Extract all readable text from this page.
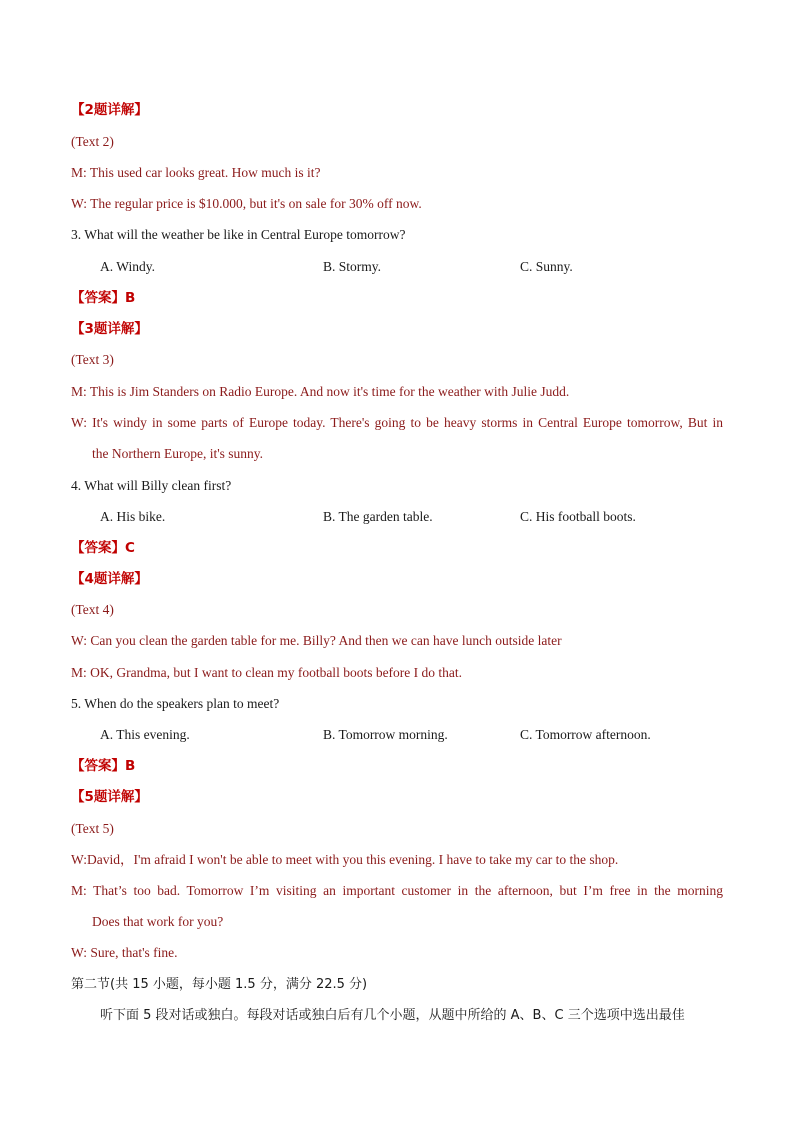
【2题详解】
(Text 2)
M: This used car looks great. How much is it?
W: The regular price is $10.000, but it's on sale for 30% off now.
3. What will the weather be like in Central Europe tomorrow?
A. Windy.	B. Stormy.	C. Sunny.
【答案】B
【3题详解】
(Text 3)
M: This is Jim Standers on Radio Europe. And now it's time for the weather with Julie Judd.
W: It's windy in some parts of Europe today. There's going to be heavy storms in Central Europe tomorrow, But in
the Northern Europe, it's sunny.
4. What will Billy clean first?
A. His bike.	B. The garden table.	C. His football boots.
【答案】C
【4题详解】
(Text 4)
W: Can you clean the garden table for me. Billy? And then we can have lunch outside later
M: OK, Grandma, but I want to clean my football boots before I do that.
5. When do the speakers plan to meet?
A. This evening.	B. Tomorrow morning.	C. Tomorrow afternoon.
【答案】B
【5题详解】
(Text 5)
W:David，I'm afraid I won't be able to meet with you this evening. I have to take my car to the shop.
M: That’s too bad. Tomorrow I’m visiting an important customer in the afternoon, but I’m free in the morning
Does that work for you?
W: Sure, that's fine.
第二节(共 15 小题，每小题 1.5 分，满分 22.5 分)
听下面 5 段对话或独白。每段对话或独白后有几个小题，从题中所给的 A、B、C 三个选项中选出最佳
